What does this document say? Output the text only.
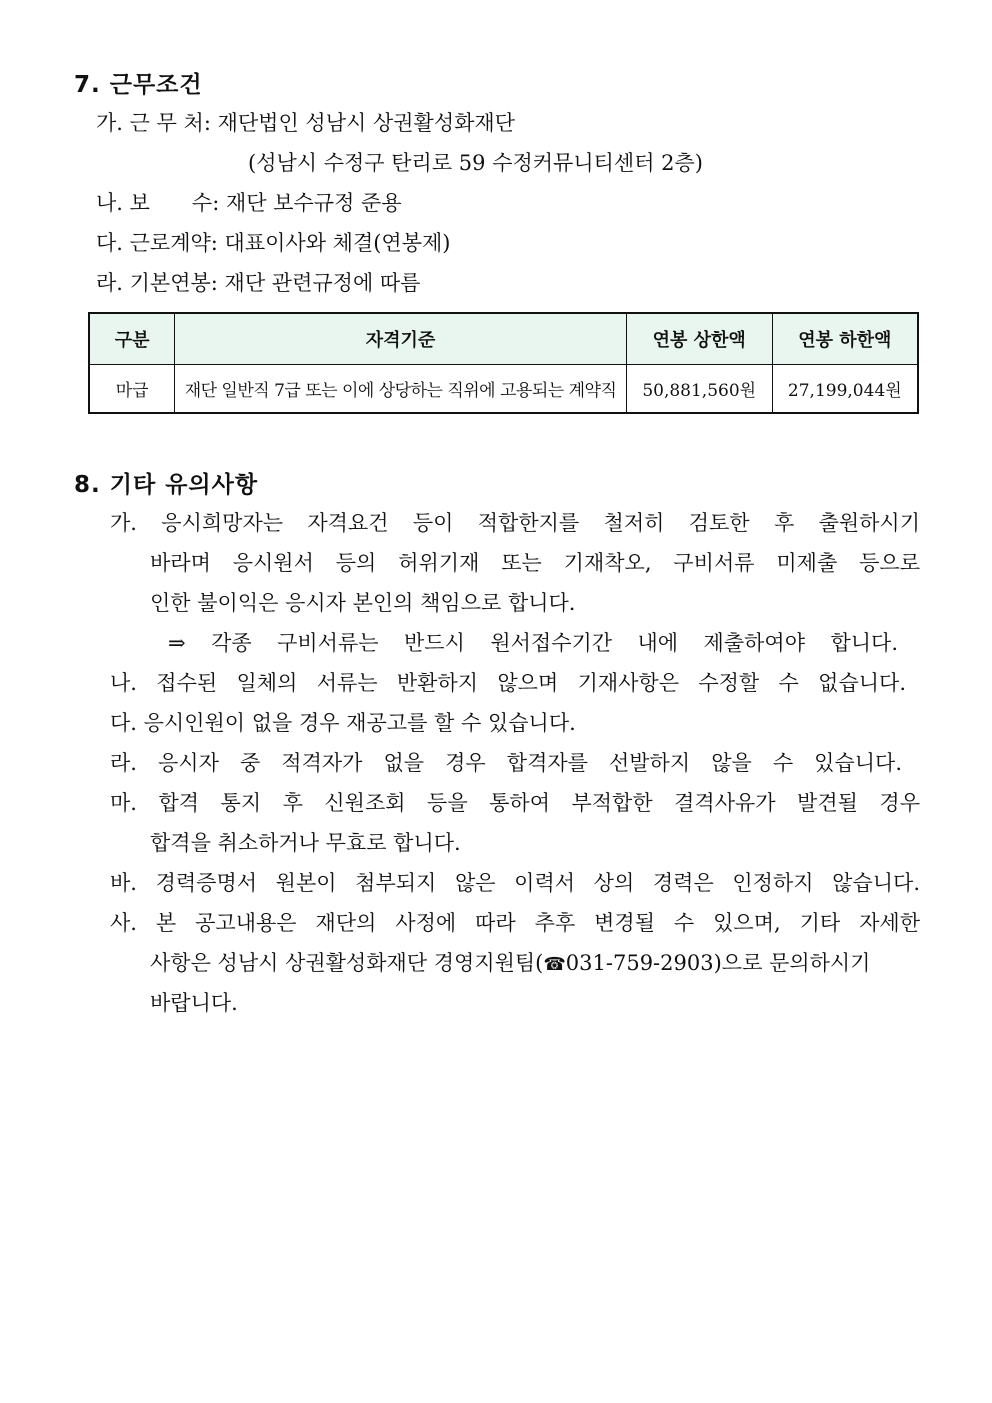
7. 근무조건
가. 근 무 처: 재단법인 성남시 상권활성화재단
(성남시 수정구 탄리로 59 수정커뮤니티센터 2층)
나. 보　　수: 재단 보수규정 준용
다. 근로계약: 대표이사와 체결(연봉제)
라. 기본연봉: 재단 관련규정에 따름
구분	자격기준	연봉 상한액	연봉 하한액
마급	재단 일반직 7급 또는 이에 상당하는 직위에 고용되는 계약직	50,881,560원	27,199,044원
8. 기타 유의사항
가. 응시희망자는 자격요건 등이 적합한지를 철저히 검토한 후 출원하시기
바라며 응시원서 등의 허위기재 또는 기재착오, 구비서류 미제출 등으로
인한 불이익은 응시자 본인의 책임으로 합니다.
⇒ 각종 구비서류는 반드시 원서접수기간 내에 제출하여야 합니다.
나. 접수된 일체의 서류는 반환하지 않으며 기재사항은 수정할 수 없습니다.
다. 응시인원이 없을 경우 재공고를 할 수 있습니다.
라. 응시자 중 적격자가 없을 경우 합격자를 선발하지 않을 수 있습니다.
마. 합격 통지 후 신원조회 등을 통하여 부적합한 결격사유가 발견될 경우
합격을 취소하거나 무효로 합니다.
바. 경력증명서 원본이 첨부되지 않은 이력서 상의 경력은 인정하지 않습니다.
사. 본 공고내용은 재단의 사정에 따라 추후 변경될 수 있으며, 기타 자세한
사항은 성남시 상권활성화재단 경영지원팀(☎031-759-2903)으로 문의하시기
바랍니다.
